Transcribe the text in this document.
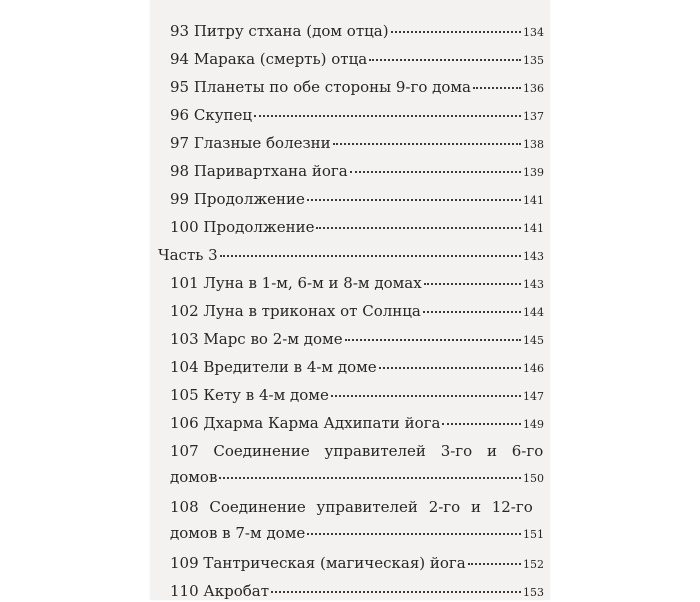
93 Питру стхана (дом отца)	134
94 Марака (смерть) отца	135
95 Планеты по обе стороны 9-го дома	136
96 Скупец	137
97 Глазные болезни	138
98 Паривартхана йога	139
99 Продолжение	141
100 Продолжение	141
Часть 3	143
101 Луна в 1-м, 6-м и 8-м домах	143
102 Луна в триконах от Солнца	144
103 Марс во 2-м доме	145
104 Вредители в 4-м доме	146
105 Кету в 4-м доме	147
106 Дхарма Карма Адхипати йога	149
107 Соединение управителей 3-го и 6-го
домов	150
108 Соединение управителей 2-го и 12-го
домов в 7-м доме	151
109 Тантрическая (магическая) йога	152
110 Акробат	153
